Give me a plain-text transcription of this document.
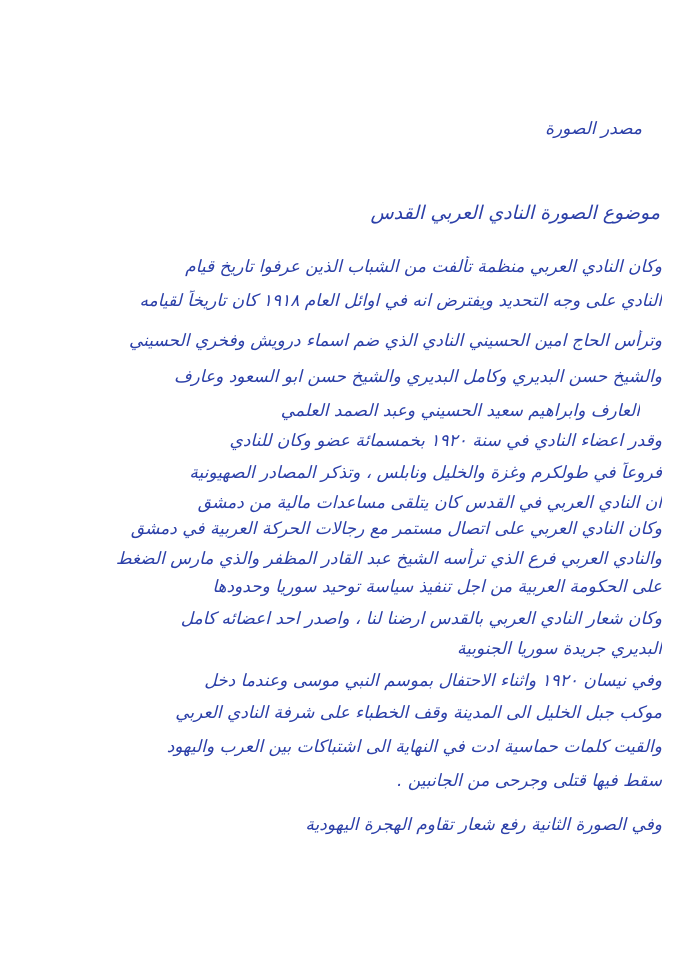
مصدر الصورة
موضوع الصورة النادي العربي القدس
وكان النادي العربي منظمة تألفت من الشباب الذين عرفوا تاريخ قيام
النادي على وجه التحديد ويفترض انه في اوائل العام ١٩١٨ كان تاريخاً لقيامه
وترأس الحاج امين الحسيني النادي الذي ضم اسماء درويش وفخري الحسيني
والشيخ حسن البديري وكامل البديري والشيخ حسن ابو السعود وعارف
العارف وابراهيم سعيد الحسيني وعبد الصمد العلمي
وقدر اعضاء النادي في سنة ١٩٢٠ بخمسمائة عضو وكان للنادي
فروعاً في طولكرم وغزة والخليل ونابلس ، وتذكر المصادر الصهيونية
ان النادي العربي في القدس كان يتلقى مساعدات مالية من دمشق
وكان النادي العربي على اتصال مستمر مع رجالات الحركة العربية في دمشق
والنادي العربي فرع الذي ترأسه الشيخ عبد القادر المظفر والذي مارس الضغط
على الحكومة العربية من اجل تنفيذ سياسة توحيد سوريا وحدودها
وكان شعار النادي العربي بالقدس ارضنا لنا ، واصدر احد اعضائه كامل
البديري جريدة سوريا الجنوبية
وفي نيسان ١٩٢٠ واثناء الاحتفال بموسم النبي موسى وعندما دخل
موكب جبل الخليل الى المدينة وقف الخطباء على شرفة النادي العربي
والقيت كلمات حماسية ادت في النهاية الى اشتباكات بين العرب واليهود
سقط فيها قتلى وجرحى من الجانبين .
وفي الصورة الثانية رفع شعار تقاوم الهجرة اليهودية
